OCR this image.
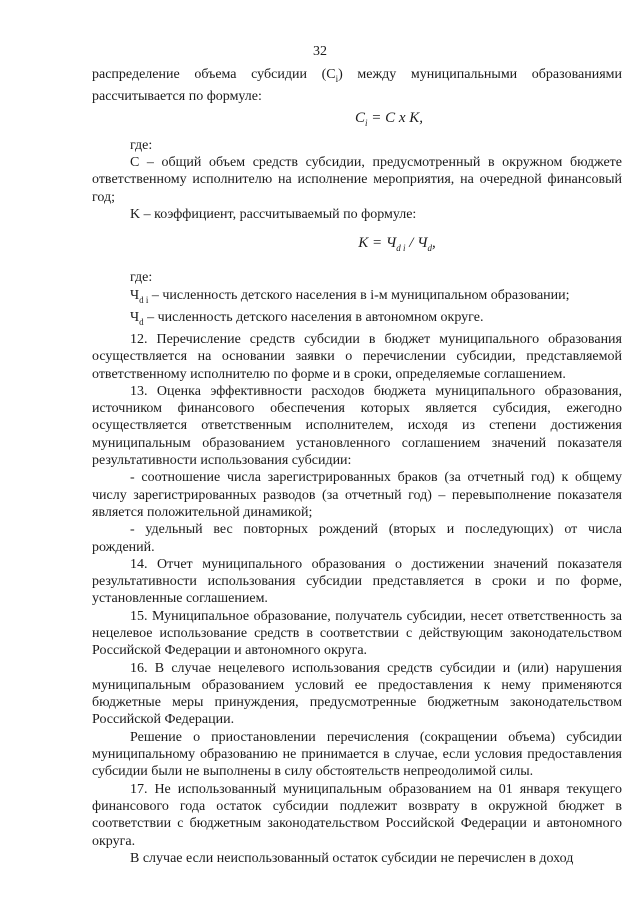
32

распределение объема субсидии $(C_i)$ между муниципальными образованиями рассчитывается по формуле:

$C_i = C$ x K,

где:

C – общий объем средств субсидии, предусмотренный в окружном бюджете ответственному исполнителю на исполнение мероприятия, на очередной финансовый год;

K – коэффициент, рассчитываемый по формуле:

$K = Ч_{d i} / Ч_d$,

где:

$Ч_{d i}$ – численность детского населения в i-м муниципальном образовании;

$Ч_d$ – численность детского населения в автономном округе.

12. Перечисление средств субсидии в бюджет муниципального образования осуществляется на основании заявки о перечислении субсидии, представляемой ответственному исполнителю по форме и в сроки, определяемые соглашением.

13. Оценка эффективности расходов бюджета муниципального образования, источником финансового обеспечения которых является субсидия, ежегодно осуществляется ответственным исполнителем, исходя из степени достижения муниципальным образованием установленного соглашением значений показателя результативности использования субсидии:

- соотношение числа зарегистрированных браков (за отчетный год) к общему числу зарегистрированных разводов (за отчетный год) – перевыполнение показателя является положительной динамикой;

- удельный вес повторных рождений (вторых и последующих) от числа рождений.

14. Отчет муниципального образования о достижении значений показателя результативности использования субсидии представляется в сроки и по форме, установленные соглашением.

15. Муниципальное образование, получатель субсидии, несет ответственность за нецелевое использование средств в соответствии с действующим законодательством Российской Федерации и автономного округа.

16. В случае нецелевого использования средств субсидии и (или) нарушения муниципальным образованием условий ее предоставления к нему применяются бюджетные меры принуждения, предусмотренные бюджетным законодательством Российской Федерации.

Решение о приостановлении перечисления (сокращении объема) субсидии муниципальному образованию не принимается в случае, если условия предоставления субсидии были не выполнены в силу обстоятельств непреодолимой силы.

17. Не использованный муниципальным образованием на 01 января текущего финансового года остаток субсидии подлежит возврату в окружной бюджет в соответствии с бюджетным законодательством Российской Федерации и автономного округа.

В случае если неиспользованный остаток субсидии не перечислен в доход
